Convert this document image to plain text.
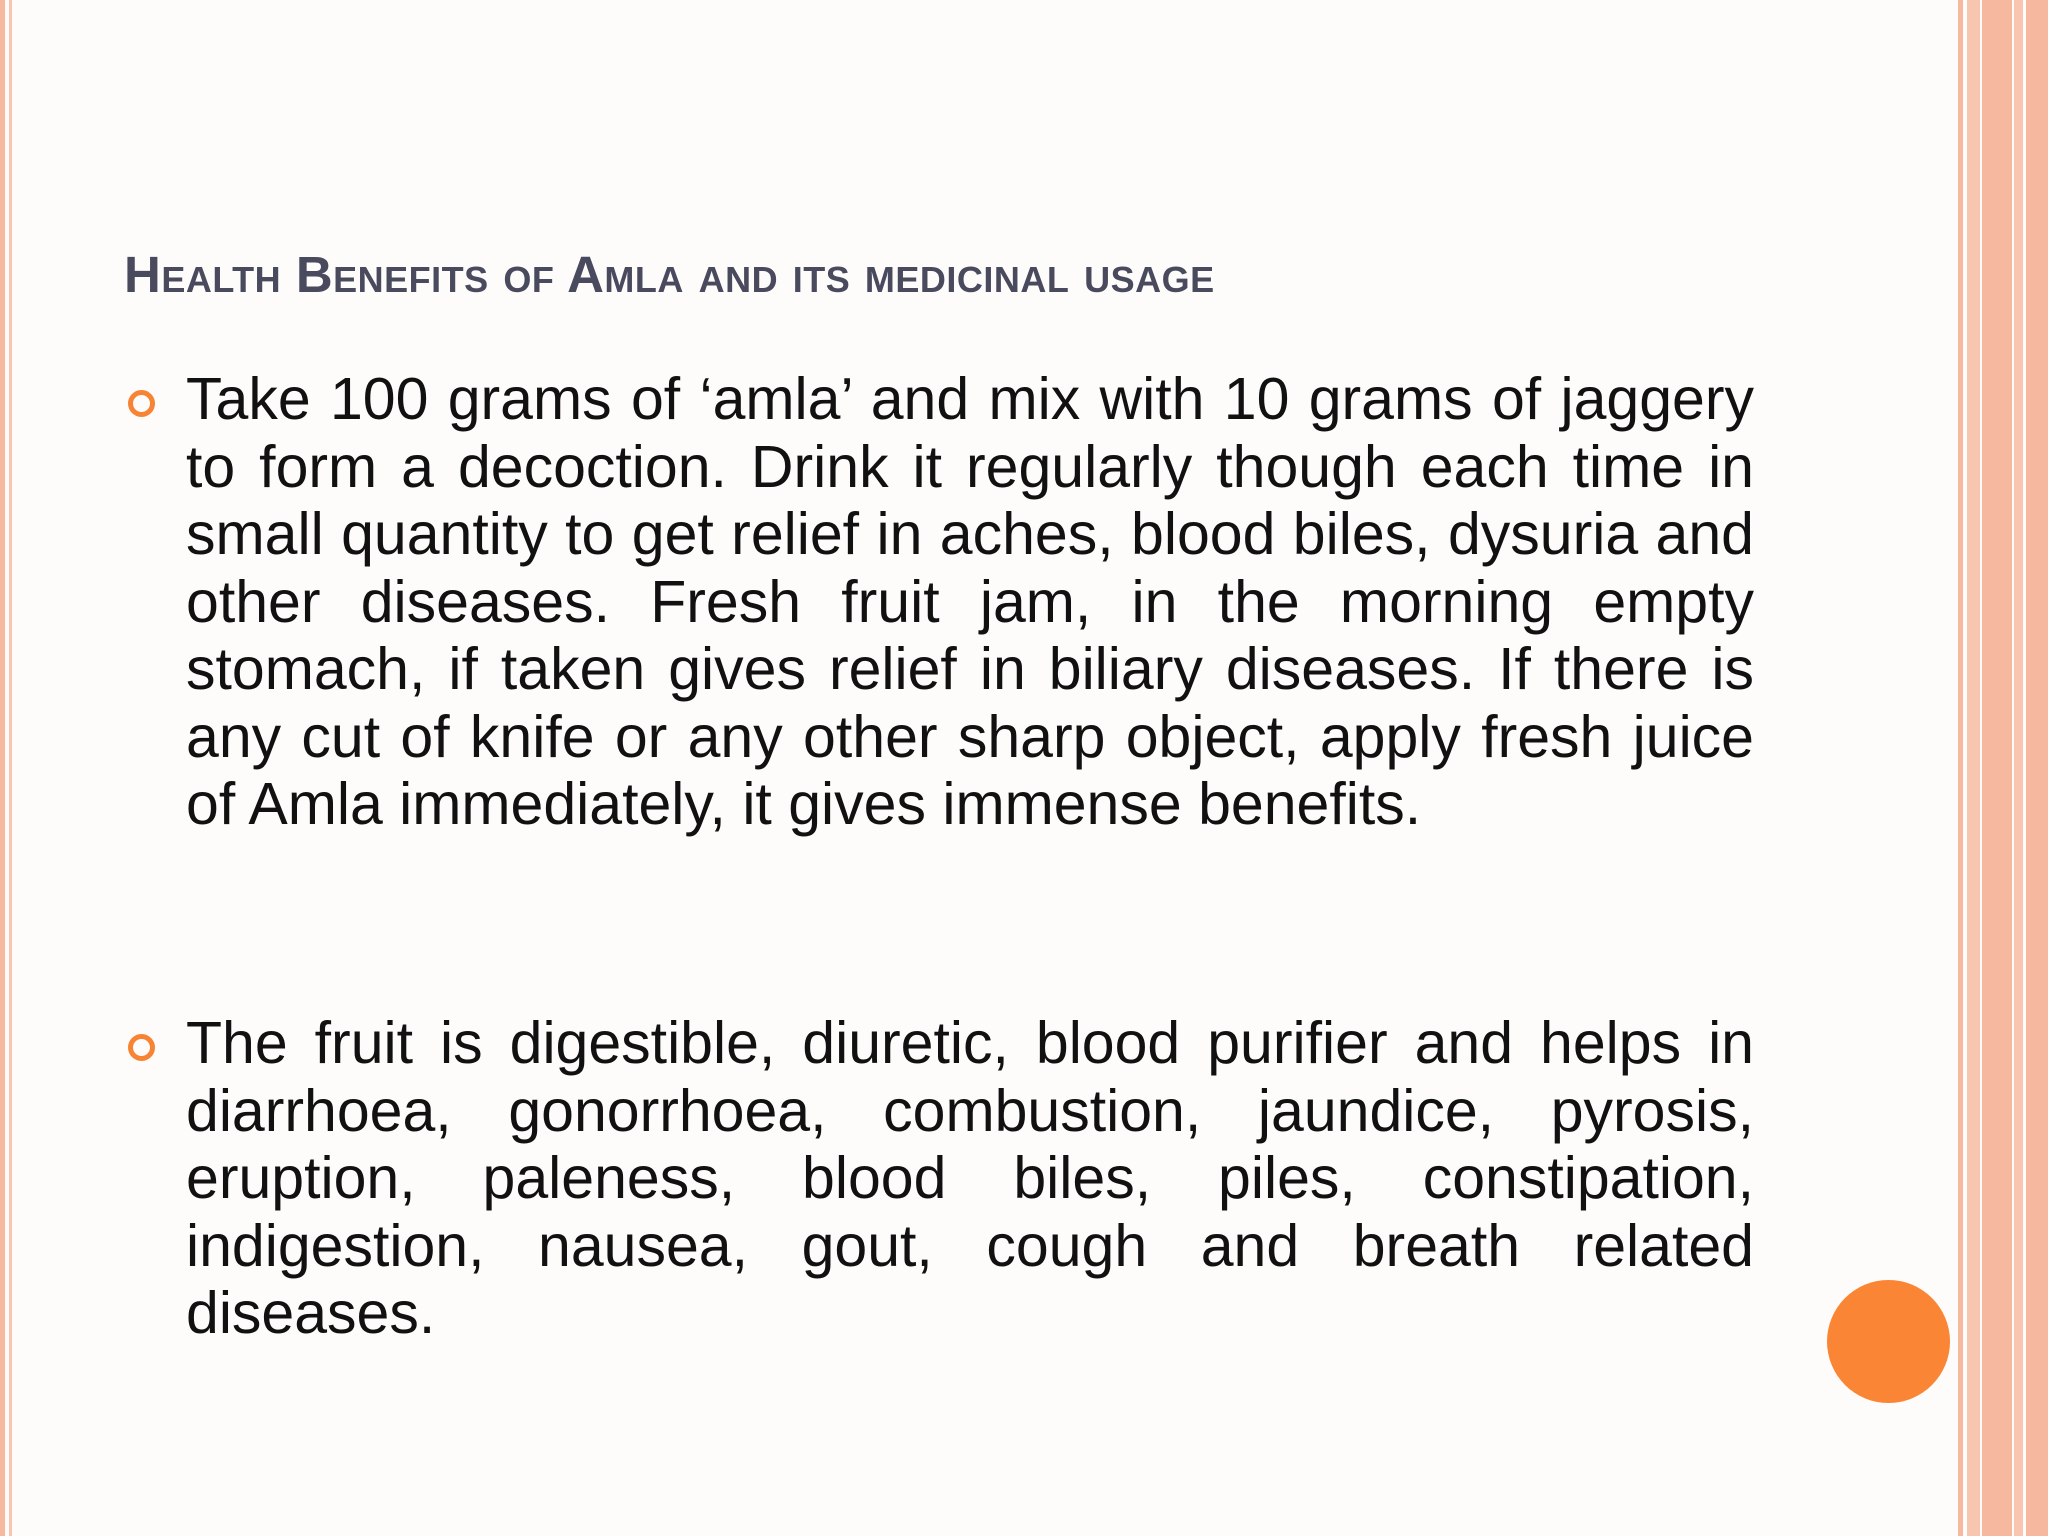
Health Benefits of Amla and its medicinal usage
Take 100 grams of ‘amla’ and mix with 10 grams of jaggery to form a decoction. Drink it regularly though each time in small quantity to get relief in aches, blood biles, dysuria and other diseases. Fresh fruit jam, in the morning empty stomach, if taken gives relief in biliary diseases. If there is any cut of knife or any other sharp object, apply fresh juice of Amla immediately, it gives immense benefits.
The fruit is digestible, diuretic, blood purifier and helps in diarrhoea, gonorrhoea, combustion, jaundice, pyrosis, eruption, paleness, blood biles, piles, constipation, indigestion, nausea, gout, cough and breath related diseases.
